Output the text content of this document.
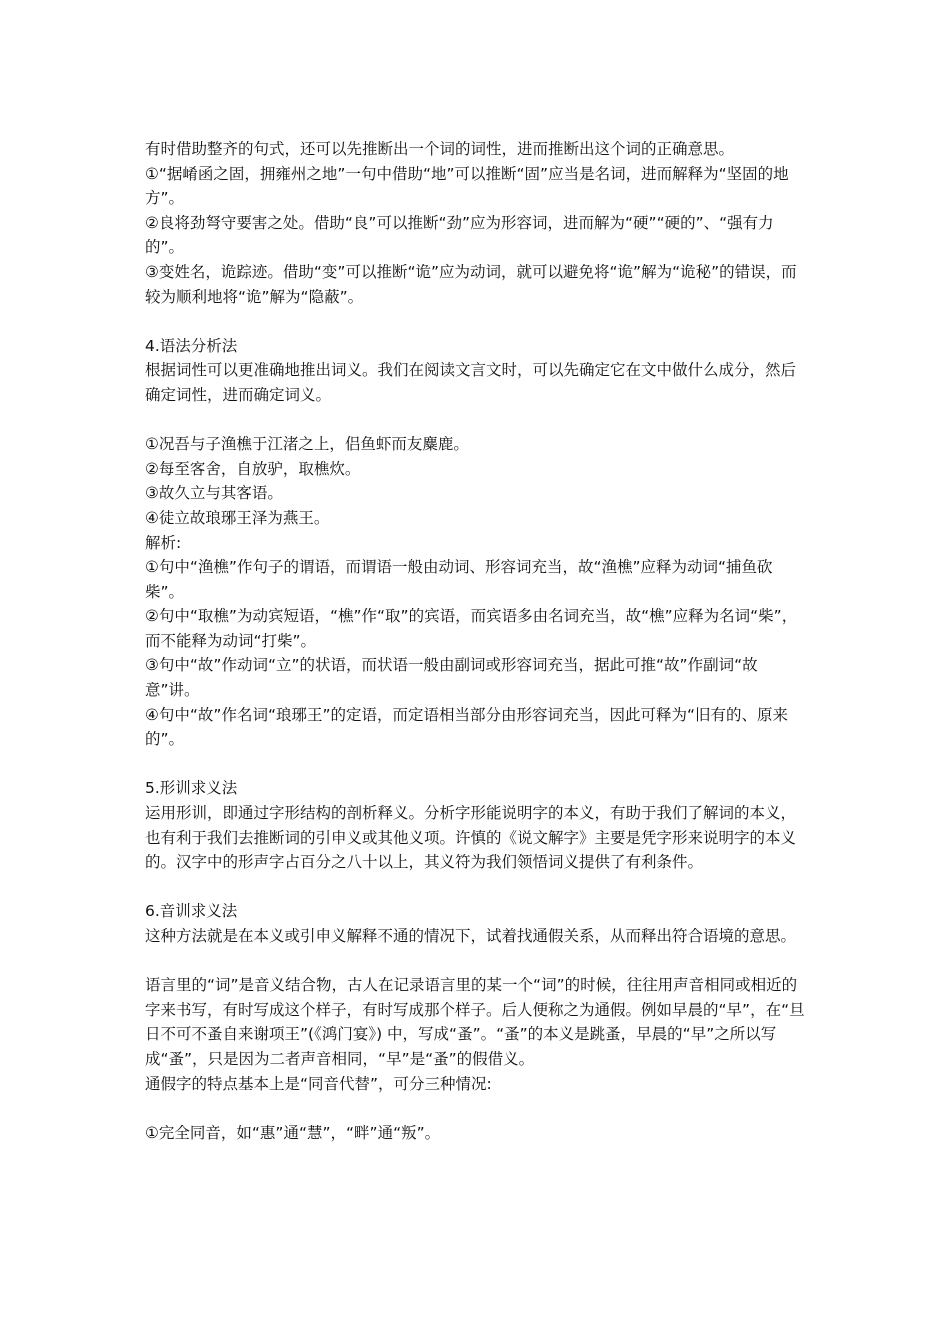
有时借助整齐的句式，还可以先推断出一个词的词性，进而推断出这个词的正确意思。

①“据崤函之固，拥雍州之地”一句中借助“地”可以推断“固”应当是名词，进而解释为“坚固的地方”。

②良将劲弩守要害之处。借助“良”可以推断“劲”应为形容词，进而解为“硬”“硬的”、“强有力的”。

③变姓名，诡踪迹。借助“变”可以推断“诡”应为动词，就可以避免将“诡”解为“诡秘”的错误，而较为顺利地将“诡”解为“隐蔽”。

4.语法分析法

根据词性可以更准确地推出词义。我们在阅读文言文时，可以先确定它在文中做什么成分，然后确定词性，进而确定词义。

①况吾与子渔樵于江渚之上，侣鱼虾而友麋鹿。

②每至客舍，自放驴，取樵炊。

③故久立与其客语。

④徒立故琅琊王泽为燕王。

解析:

①句中“渔樵”作句子的谓语，而谓语一般由动词、形容词充当，故“渔樵”应释为动词“捕鱼砍柴”。

②句中“取樵”为动宾短语，“樵”作“取”的宾语，而宾语多由名词充当，故“樵”应释为名词“柴”，而不能释为动词“打柴”。

③句中“故”作动词“立”的状语，而状语一般由副词或形容词充当，据此可推“故”作副词“故意”讲。

④句中“故”作名词“琅琊王”的定语，而定语相当部分由形容词充当，因此可释为“旧有的、原来的”。

5.形训求义法

运用形训，即通过字形结构的剖析释义。分析字形能说明字的本义，有助于我们了解词的本义，也有利于我们去推断词的引申义或其他义项。许慎的《说文解字》主要是凭字形来说明字的本义的。汉字中的形声字占百分之八十以上，其义符为我们领悟词义提供了有利条件。

6.音训求义法

这种方法就是在本义或引申义解释不通的情况下，试着找通假关系，从而释出符合语境的意思。

语言里的“词”是音义结合物，古人在记录语言里的某一个“词”的时候，往往用声音相同或相近的字来书写，有时写成这个样子，有时写成那个样子。后人便称之为通假。例如早晨的“早”，在“旦日不可不蚤自来谢项王”(《鸿门宴》) 中，写成“蚤”。“蚤”的本义是跳蚤，早晨的“早”之所以写成“蚤”，只是因为二者声音相同，“早”是“蚤”的假借义。

通假字的特点基本上是“同音代替”，可分三种情况:

①完全同音，如“惠”通“慧”，“畔”通“叛”。
